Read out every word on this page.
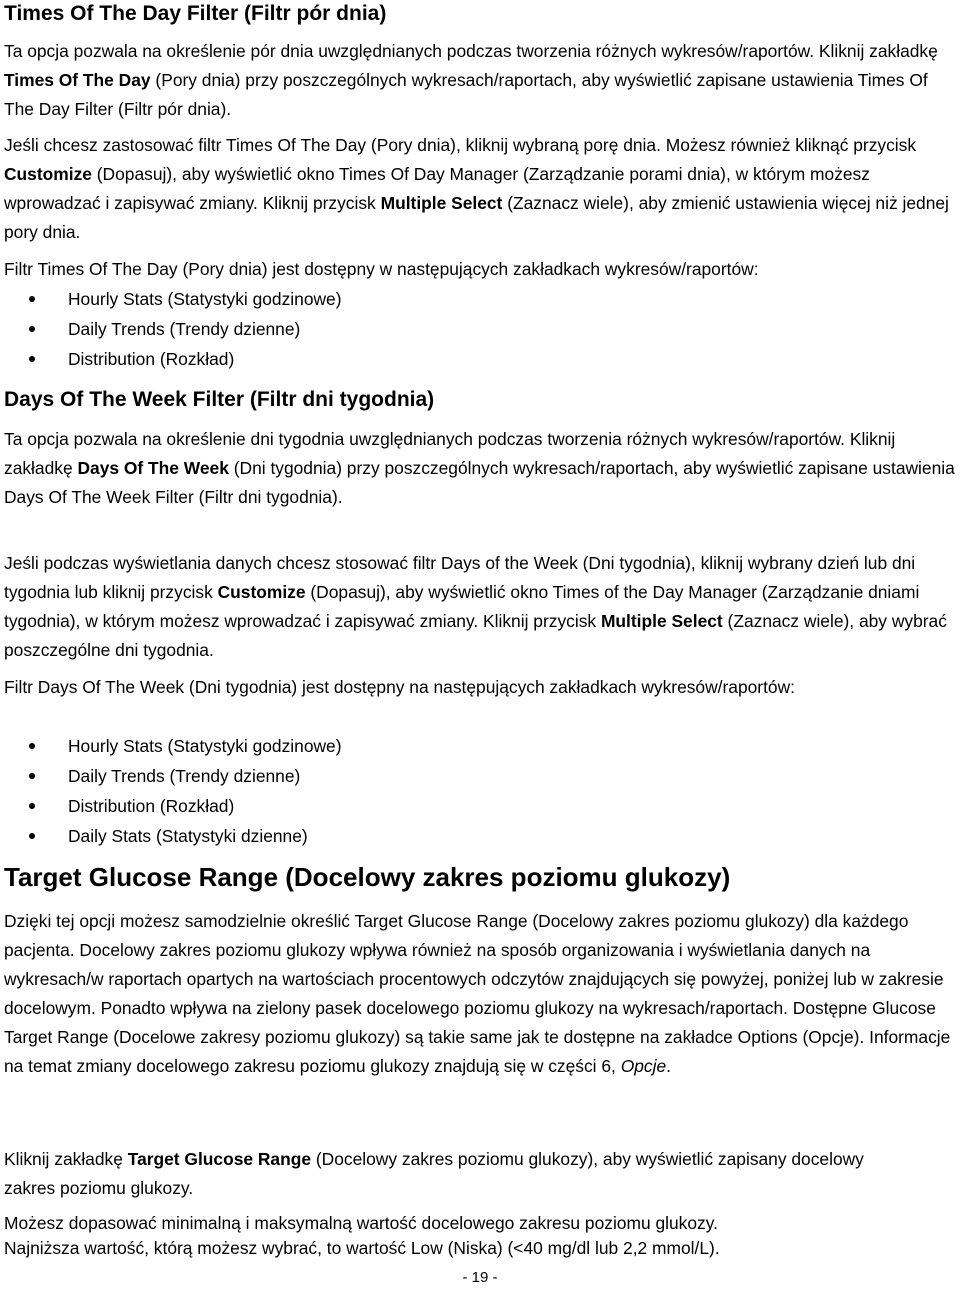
Times Of The Day Filter (Filtr pór dnia)

Ta opcja pozwala na określenie pór dnia uwzględnianych podczas tworzenia różnych wykresów/raportów. Kliknij zakładkę Times Of The Day (Pory dnia) przy poszczególnych wykresach/raportach, aby wyświetlić zapisane ustawienia Times Of The Day Filter (Filtr pór dnia).

Jeśli chcesz zastosować filtr Times Of The Day (Pory dnia), kliknij wybraną porę dnia. Możesz również kliknąć przycisk Customize (Dopasuj), aby wyświetlić okno Times Of Day Manager (Zarządzanie porami dnia), w którym możesz wprowadzać i zapisywać zmiany. Kliknij przycisk Multiple Select (Zaznacz wiele), aby zmienić ustawienia więcej niż jednej pory dnia.

Filtr Times Of The Day (Pory dnia) jest dostępny w następujących zakładkach wykresów/raportów:

Hourly Stats (Statystyki godzinowe)
Daily Trends (Trendy dzienne)
Distribution (Rozkład)
Days Of The Week Filter (Filtr dni tygodnia)

Ta opcja pozwala na określenie dni tygodnia uwzględnianych podczas tworzenia różnych wykresów/raportów. Kliknij zakładkę Days Of The Week (Dni tygodnia) przy poszczególnych wykresach/raportach, aby wyświetlić zapisane ustawienia Days Of The Week Filter (Filtr dni tygodnia).

Jeśli podczas wyświetlania danych chcesz stosować filtr Days of the Week (Dni tygodnia), kliknij wybrany dzień lub dni tygodnia lub kliknij przycisk Customize (Dopasuj), aby wyświetlić okno Times of the Day Manager (Zarządzanie dniami tygodnia), w którym możesz wprowadzać i zapisywać zmiany. Kliknij przycisk Multiple Select (Zaznacz wiele), aby wybrać poszczególne dni tygodnia.

Filtr Days Of The Week (Dni tygodnia) jest dostępny na następujących zakładkach wykresów/raportów:

Hourly Stats (Statystyki godzinowe)
Daily Trends (Trendy dzienne)
Distribution (Rozkład)
Daily Stats (Statystyki dzienne)
Target Glucose Range (Docelowy zakres poziomu glukozy)

Dzięki tej opcji możesz samodzielnie określić Target Glucose Range (Docelowy zakres poziomu glukozy) dla każdego pacjenta. Docelowy zakres poziomu glukozy wpływa również na sposób organizowania i wyświetlania danych na wykresach/w raportach opartych na wartościach procentowych odczytów znajdujących się powyżej, poniżej lub w zakresie docelowym. Ponadto wpływa na zielony pasek docelowego poziomu glukozy na wykresach/raportach. Dostępne Glucose Target Range (Docelowe zakresy poziomu glukozy) są takie same jak te dostępne na zakładce Options (Opcje). Informacje na temat zmiany docelowego zakresu poziomu glukozy znajdują się w części 6, Opcje.

Kliknij zakładkę Target Glucose Range (Docelowy zakres poziomu glukozy), aby wyświetlić zapisany docelowy zakres poziomu glukozy.

Możesz dopasować minimalną i maksymalną wartość docelowego zakresu poziomu glukozy.
Najniższa wartość, którą możesz wybrać, to wartość Low (Niska) (<40 mg/dl lub 2,2 mmol/L).

- 19 -
